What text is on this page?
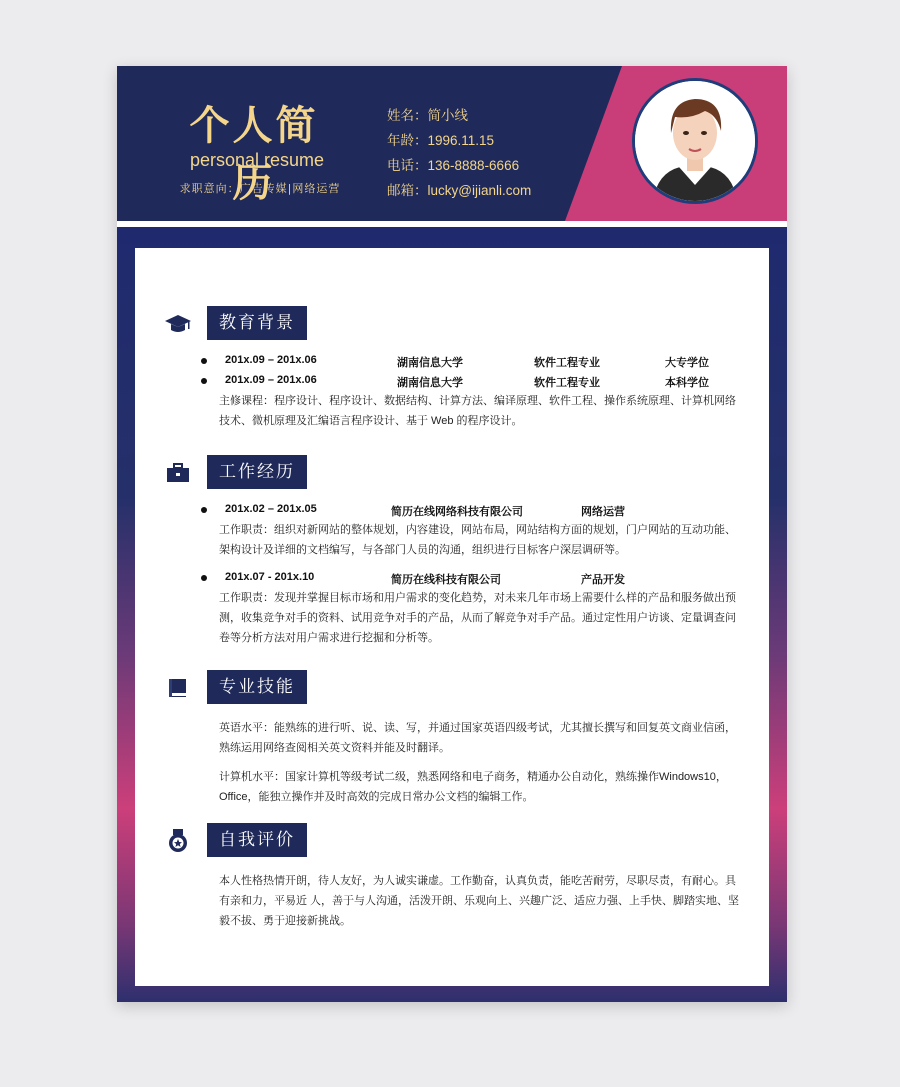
个人简历
personal resume
求职意向：广告传媒|网络运营
姓名：简小线
年龄：1996.11.15
电话：136-8888-6666
邮箱：lucky@ijianli.com
教育背景
201x.09 – 201x.06	湖南信息大学	软件工程专业	大专学位
201x.09 – 201x.06	湖南信息大学	软件工程专业	本科学位
主修课程：程序设计、程序设计、数据结构、计算方法、编译原理、软件工程、操作系统原理、计算机网络技术、微机原理及汇编语言程序设计、基于 Web 的程序设计。
工作经历
201x.02 – 201x.05	简历在线网络科技有限公司	网络运营
工作职责：组织对新网站的整体规划，内容建设，网站布局，网站结构方面的规划，门户网站的互动功能、架构设计及详细的文档编写，与各部门人员的沟通，组织进行目标客户深层调研等。
201x.07 - 201x.10	简历在线科技有限公司	产品开发
工作职责：发现并掌握目标市场和用户需求的变化趋势，对未来几年市场上需要什么样的产品和服务做出预测，收集竞争对手的资料、试用竞争对手的产品，从而了解竞争对手产品。通过定性用户访谈、定量调查问卷等分析方法对用户需求进行挖掘和分析等。
专业技能
英语水平：能熟练的进行听、说、读、写，并通过国家英语四级考试，尤其擅长撰写和回复英文商业信函，熟练运用网络查阅相关英文资料并能及时翻译。
计算机水平：国家计算机等级考试二级，熟悉网络和电子商务，精通办公自动化，熟练操作Windows10，Office，能独立操作并及时高效的完成日常办公文档的编辑工作。
自我评价
本人性格热情开朗，待人友好，为人诚实谦虚。工作勤奋，认真负责，能吃苦耐劳，尽职尽责，有耐心。具有亲和力，平易近 人，善于与人沟通，活泼开朗、乐观向上、兴趣广泛、适应力强、上手快、脚踏实地、坚毅不拔、勇于迎接新挑战。
